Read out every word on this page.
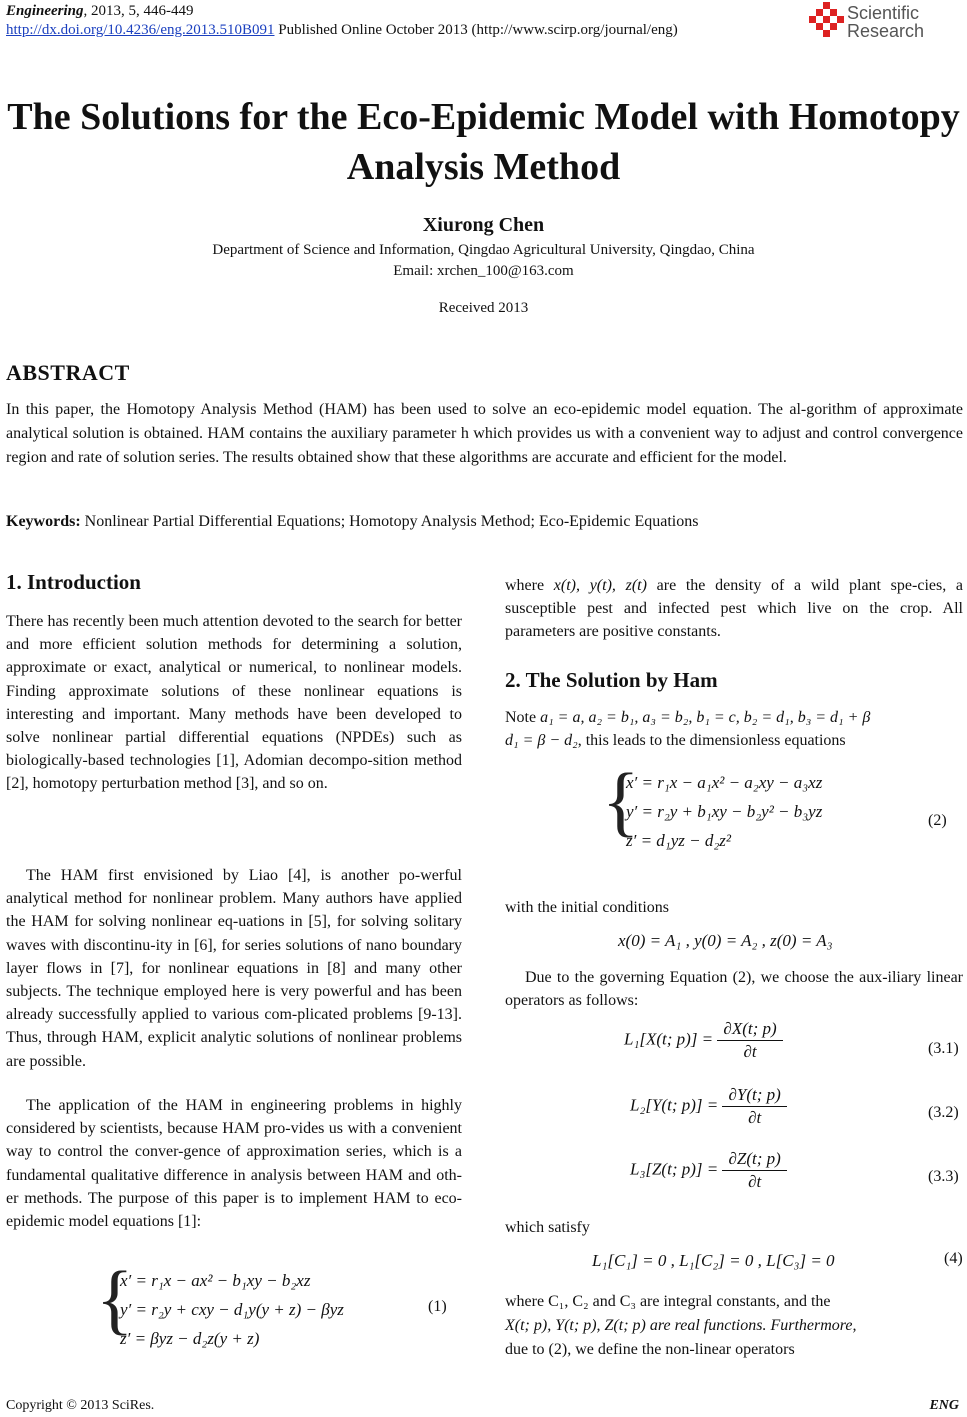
Engineering, 2013, 5, 446-449
http://dx.doi.org/10.4236/eng.2013.510B091 Published Online October 2013 (http://www.scirp.org/journal/eng)
Scientific
Research
The Solutions for the Eco-Epidemic Model with Homotopy
Analysis Method
Xiurong Chen
Department of Science and Information, Qingdao Agricultural University, Qingdao, China
Email: xrchen_100@163.com
Received 2013
ABSTRACT
In this paper, the Homotopy Analysis Method (HAM) has been used to solve an eco-epidemic model equation. The al-gorithm of approximate analytical solution is obtained. HAM contains the auxiliary parameter h which provides us with a convenient way to adjust and control convergence region and rate of solution series. The results obtained show that these algorithms are accurate and efficient for the model.
Keywords: Nonlinear Partial Differential Equations; Homotopy Analysis Method; Eco-Epidemic Equations
1. Introduction
There has recently been much attention devoted to the search for better and more efficient solution methods for determining a solution, approximate or exact, analytical or numerical, to nonlinear models. Finding approximate solutions of these nonlinear equations is interesting and important. Many methods have been developed to solve nonlinear partial differential equations (NPDEs) such as biologically-based technologies [1], Adomian decompo-sition method [2], homotopy perturbation method [3], and so on.
The HAM first envisioned by Liao [4], is another po-werful analytical method for nonlinear problem. Many authors have applied the HAM for solving nonlinear eq-uations in [5], for solving solitary waves with discontinu-ity in [6], for series solutions of nano boundary layer flows in [7], for nonlinear equations in [8] and many other subjects. The technique employed here is very powerful and has been already successfully applied to various com-plicated problems [9-13]. Thus, through HAM, explicit analytic solutions of nonlinear problems are possible.
The application of the HAM in engineering problems in highly considered by scientists, because HAM pro-vides us with a convenient way to control the conver-gence of approximation series, which is a fundamental qualitative difference in analysis between HAM and oth-er methods. The purpose of this paper is to implement HAM to eco-epidemic model equations [1]:
{
x′ = r₁x − ax² − b₁xy − b₂xz
y′ = r₂y + cxy − d₁y(y + z) − βyz
z′ = βyz − d₂z(y + z)
(1)
where x(t), y(t), z(t) are the density of a wild plant spe-cies, a susceptible pest and infected pest which live on the crop. All parameters are positive constants.
2. The Solution by Ham
Note a₁ = a, a₂ = b₁, a₃ = b₂, b₁ = c, b₂ = d₁, b₃ = d₁ + β
d₁ = β − d₂, this leads to the dimensionless equations
{
x′ = r₁x − a₁x² − a₂xy − a₃xz
y′ = r₂y + b₁xy − b₂y² − b₃yz
z′ = d₁yz − d₂z²
(2)
with the initial conditions
x(0) = A₁ , y(0) = A₂ , z(0) = A₃
Due to the governing Equation (2), we choose the aux-iliary linear operators as follows:
L₁[X(t; $p)] = \frac{\partial X(t; p)}{\partial t}$	(3.1)
L₂[Y(t; $p)] = \frac{\partial Y(t; p)}{\partial t}$	(3.2)
L₃[Z(t; $p)] = \frac{\partial Z(t; p)}{\partial t}$	(3.3)
which satisfy
L₁[C₁] = 0 , L₁[C₂] = 0 , L[C₃] = 0	(4)
where C₁, C₂ and C₃ are integral constants, and the
X(t; p), Y(t; p), Z(t; p) are real functions. Furthermore,
due to (2), we define the non-linear operators
Copyright © 2013 SciRes.	ENG
